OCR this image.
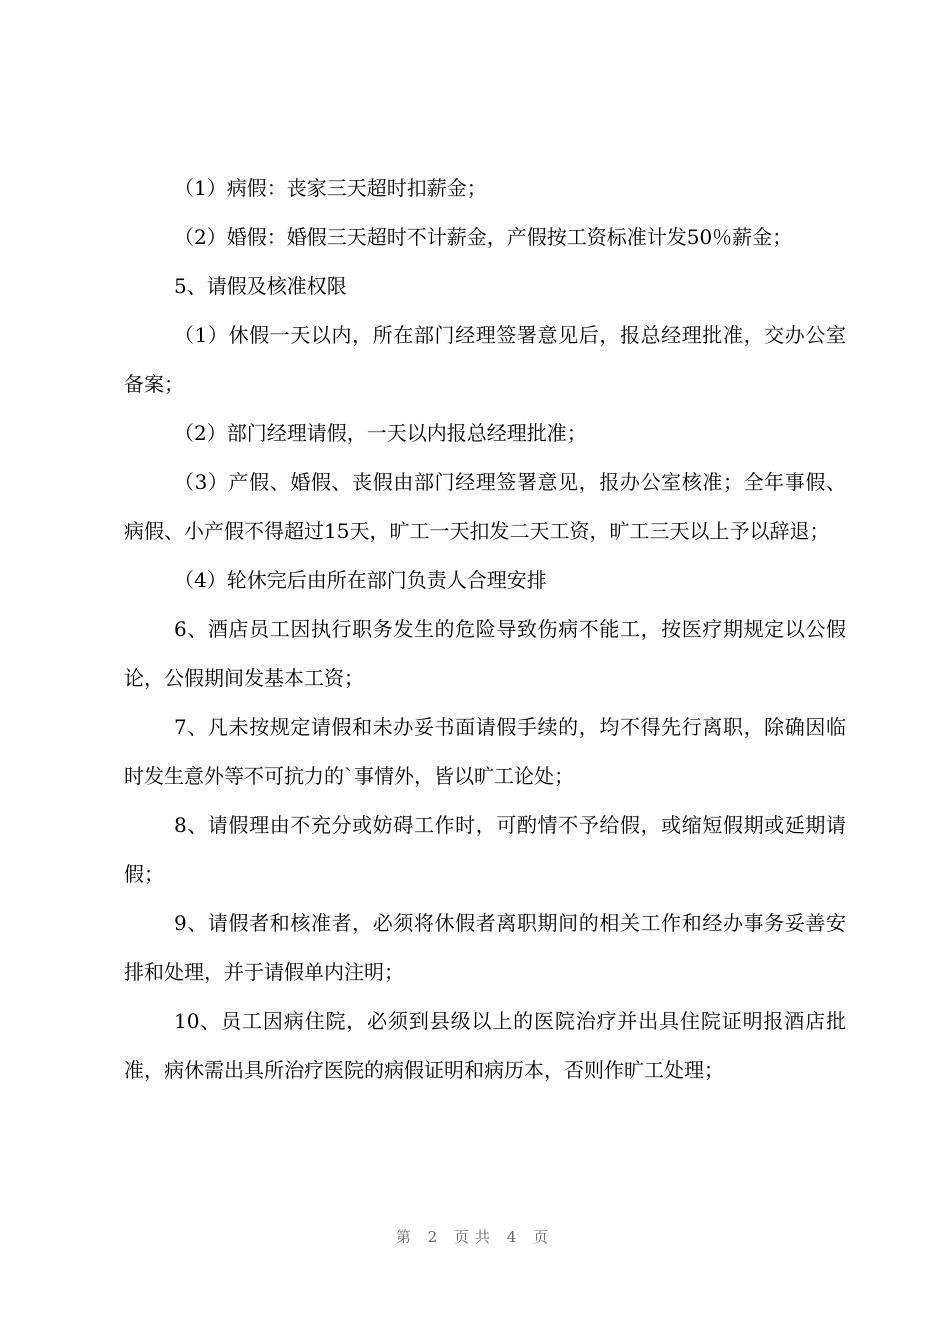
（1）病假：丧家三天超时扣薪金；

（2）婚假：婚假三天超时不计薪金，产假按工资标准计发50％薪金；

5、请假及核准权限

（1）休假一天以内，所在部门经理签署意见后，报总经理批准，交办公室备案；

（2）部门经理请假，一天以内报总经理批准；

（3）产假、婚假、丧假由部门经理签署意见，报办公室核准；全年事假、病假、小产假不得超过15天，旷工一天扣发二天工资，旷工三天以上予以辞退；

（4）轮休完后由所在部门负责人合理安排

6、酒店员工因执行职务发生的危险导致伤病不能工，按医疗期规定以公假论，公假期间发基本工资；

7、凡未按规定请假和未办妥书面请假手续的，均不得先行离职，除确因临时发生意外等不可抗力的`事情外，皆以旷工论处；

8、请假理由不充分或妨碍工作时，可酌情不予给假，或缩短假期或延期请假；

9、请假者和核准者，必须将休假者离职期间的相关工作和经办事务妥善安排和处理，并于请假单内注明；

10、员工因病住院，必须到县级以上的医院治疗并出具住院证明报酒店批准，病休需出具所治疗医院的病假证明和病历本，否则作旷工处理；

第 2 页共 4 页
